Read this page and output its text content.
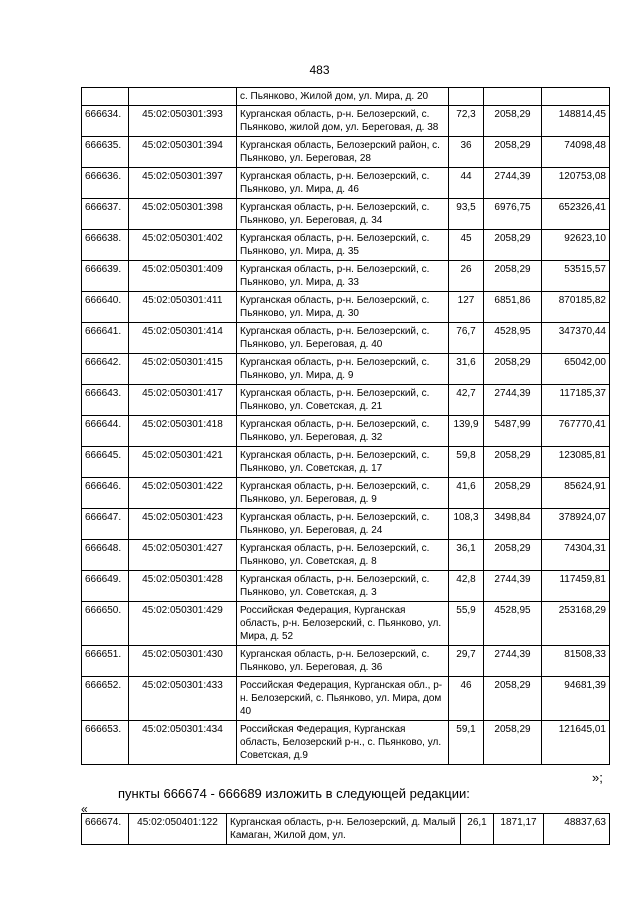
483
		с. Пьянково, Жилой дом, ул. Мира, д. 20			
666634.	45:02:050301:393	Курганская область, р-н. Белозерский, с. Пьянково, жилой дом, ул. Береговая, д. 38	72,3	2058,29	148814,45
666635.	45:02:050301:394	Курганская область, Белозерский район, с. Пьянково, ул. Береговая, 28	36	2058,29	74098,48
666636.	45:02:050301:397	Курганская область, р-н. Белозерский, с. Пьянково, ул. Мира, д. 46	44	2744,39	120753,08
666637.	45:02:050301:398	Курганская область, р-н. Белозерский, с. Пьянково, ул. Береговая, д. 34	93,5	6976,75	652326,41
666638.	45:02:050301:402	Курганская область, р-н. Белозерский, с. Пьянково, ул. Мира, д. 35	45	2058,29	92623,10
666639.	45:02:050301:409	Курганская область, р-н. Белозерский, с. Пьянково, ул. Мира, д. 33	26	2058,29	53515,57
666640.	45:02:050301:411	Курганская область, р-н. Белозерский, с. Пьянково, ул. Мира, д. 30	127	6851,86	870185,82
666641.	45:02:050301:414	Курганская область, р-н. Белозерский, с. Пьянково, ул. Береговая, д. 40	76,7	4528,95	347370,44
666642.	45:02:050301:415	Курганская область, р-н. Белозерский, с. Пьянково, ул. Мира, д. 9	31,6	2058,29	65042,00
666643.	45:02:050301:417	Курганская область, р-н. Белозерский, с. Пьянково, ул. Советская, д. 21	42,7	2744,39	117185,37
666644.	45:02:050301:418	Курганская область, р-н. Белозерский, с. Пьянково, ул. Береговая, д. 32	139,9	5487,99	767770,41
666645.	45:02:050301:421	Курганская область, р-н. Белозерский, с. Пьянково, ул. Советская, д. 17	59,8	2058,29	123085,81
666646.	45:02:050301:422	Курганская область, р-н. Белозерский, с. Пьянково, ул. Береговая, д. 9	41,6	2058,29	85624,91
666647.	45:02:050301:423	Курганская область, р-н. Белозерский, с. Пьянково, ул. Береговая, д. 24	108,3	3498,84	378924,07
666648.	45:02:050301:427	Курганская область, р-н. Белозерский, с. Пьянково, ул. Советская, д. 8	36,1	2058,29	74304,31
666649.	45:02:050301:428	Курганская область, р-н. Белозерский, с. Пьянково, ул. Советская, д. 3	42,8	2744,39	117459,81
666650.	45:02:050301:429	Российская Федерация, Курганская область, р-н. Белозерский, с. Пьянково, ул. Мира, д. 52	55,9	4528,95	253168,29
666651.	45:02:050301:430	Курганская область, р-н. Белозерский, с. Пьянково, ул. Береговая, д. 36	29,7	2744,39	81508,33
666652.	45:02:050301:433	Российская Федерация, Курганская обл., р-н. Белозерский, с. Пьянково, ул. Мира, дом 40	46	2058,29	94681,39
666653.	45:02:050301:434	Российская Федерация, Курганская область, Белозерский р-н., с. Пьянково, ул. Советская, д.9	59,1	2058,29	121645,01
»;
пункты 666674 - 666689 изложить в следующей редакции:
«
666674.	45:02:050401:122	Курганская область, р-н. Белозерский, д. Малый Камаган, Жилой дом, ул.	26,1	1871,17	48837,63
